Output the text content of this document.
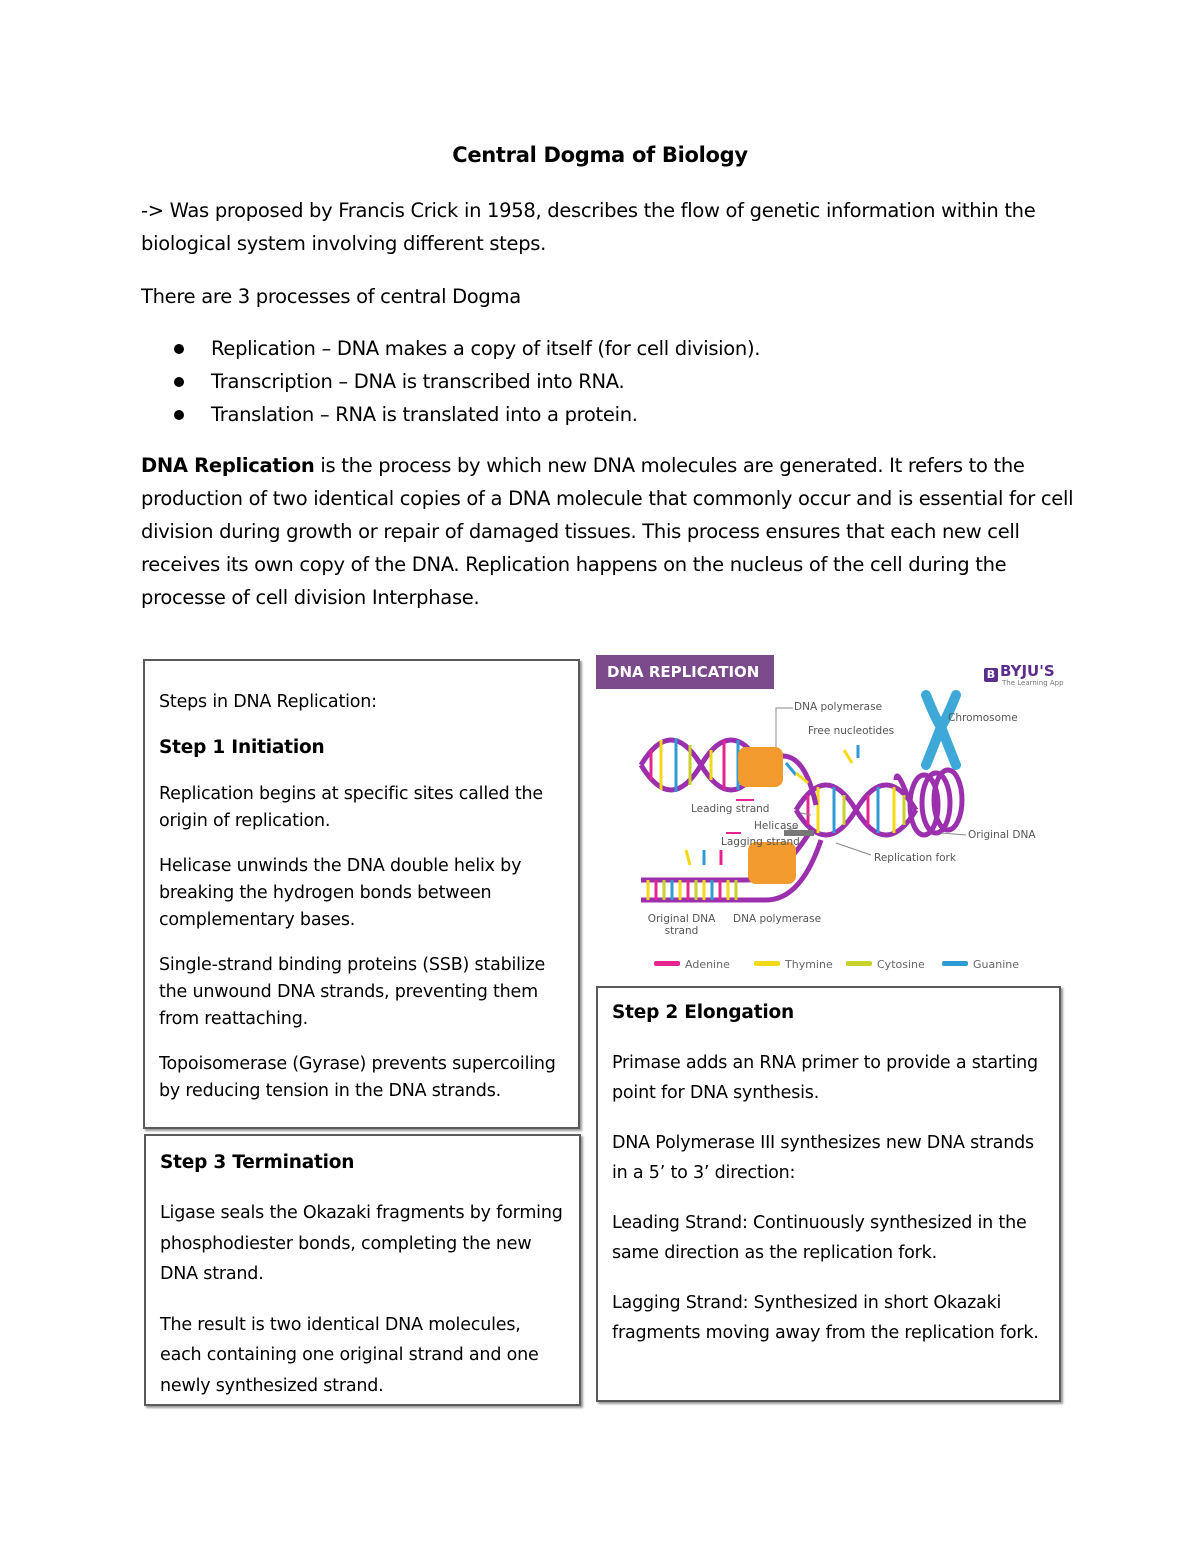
Central Dogma of Biology
-> Was proposed by Francis Crick in 1958, describes the flow of genetic information within the biological system involving different steps.
There are 3 processes of central Dogma
Replication – DNA makes a copy of itself (for cell division).
Transcription – DNA is transcribed into RNA.
Translation – RNA is translated into a protein.
DNA Replication is the process by which new DNA molecules are generated. It refers to the production of two identical copies of a DNA molecule that commonly occur and is essential for cell division during growth or repair of damaged tissues. This process ensures that each new cell receives its own copy of the DNA. Replication happens on the nucleus of the cell during the processe of cell division Interphase.

Steps in DNA Replication:

Step 1 Initiation

Replication begins at specific sites called the origin of replication.

Helicase unwinds the DNA double helix by breaking the hydrogen bonds between complementary bases.

Single-strand binding proteins (SSB) stabilize the unwound DNA strands, preventing them from reattaching.

Topoisomerase (Gyrase) prevents supercoiling by reducing tension in the DNA strands.

Step 3 Termination

Ligase seals the Okazaki fragments by forming phosphodiester bonds, completing the new DNA strand.

The result is two identical DNA molecules, each containing one original strand and one newly synthesized strand.

Step 2 Elongation

Primase adds an RNA primer to provide a starting point for DNA synthesis.

DNA Polymerase III synthesizes new DNA strands in a 5’ to 3’ direction:

Leading Strand: Continuously synthesized in the same direction as the replication fork.

Lagging Strand: Synthesized in short Okazaki fragments moving away from the replication fork.

DNA REPLICATION	B BYJU'S
The Learning App
DNA polymerase
Free nucleotides
Chromosome
Leading strand
Helicase
Lagging strand
Original DNA
Replication fork
Original DNA strand
DNA polymerase
Adenine	Thymine	Cytosine	Guanine
